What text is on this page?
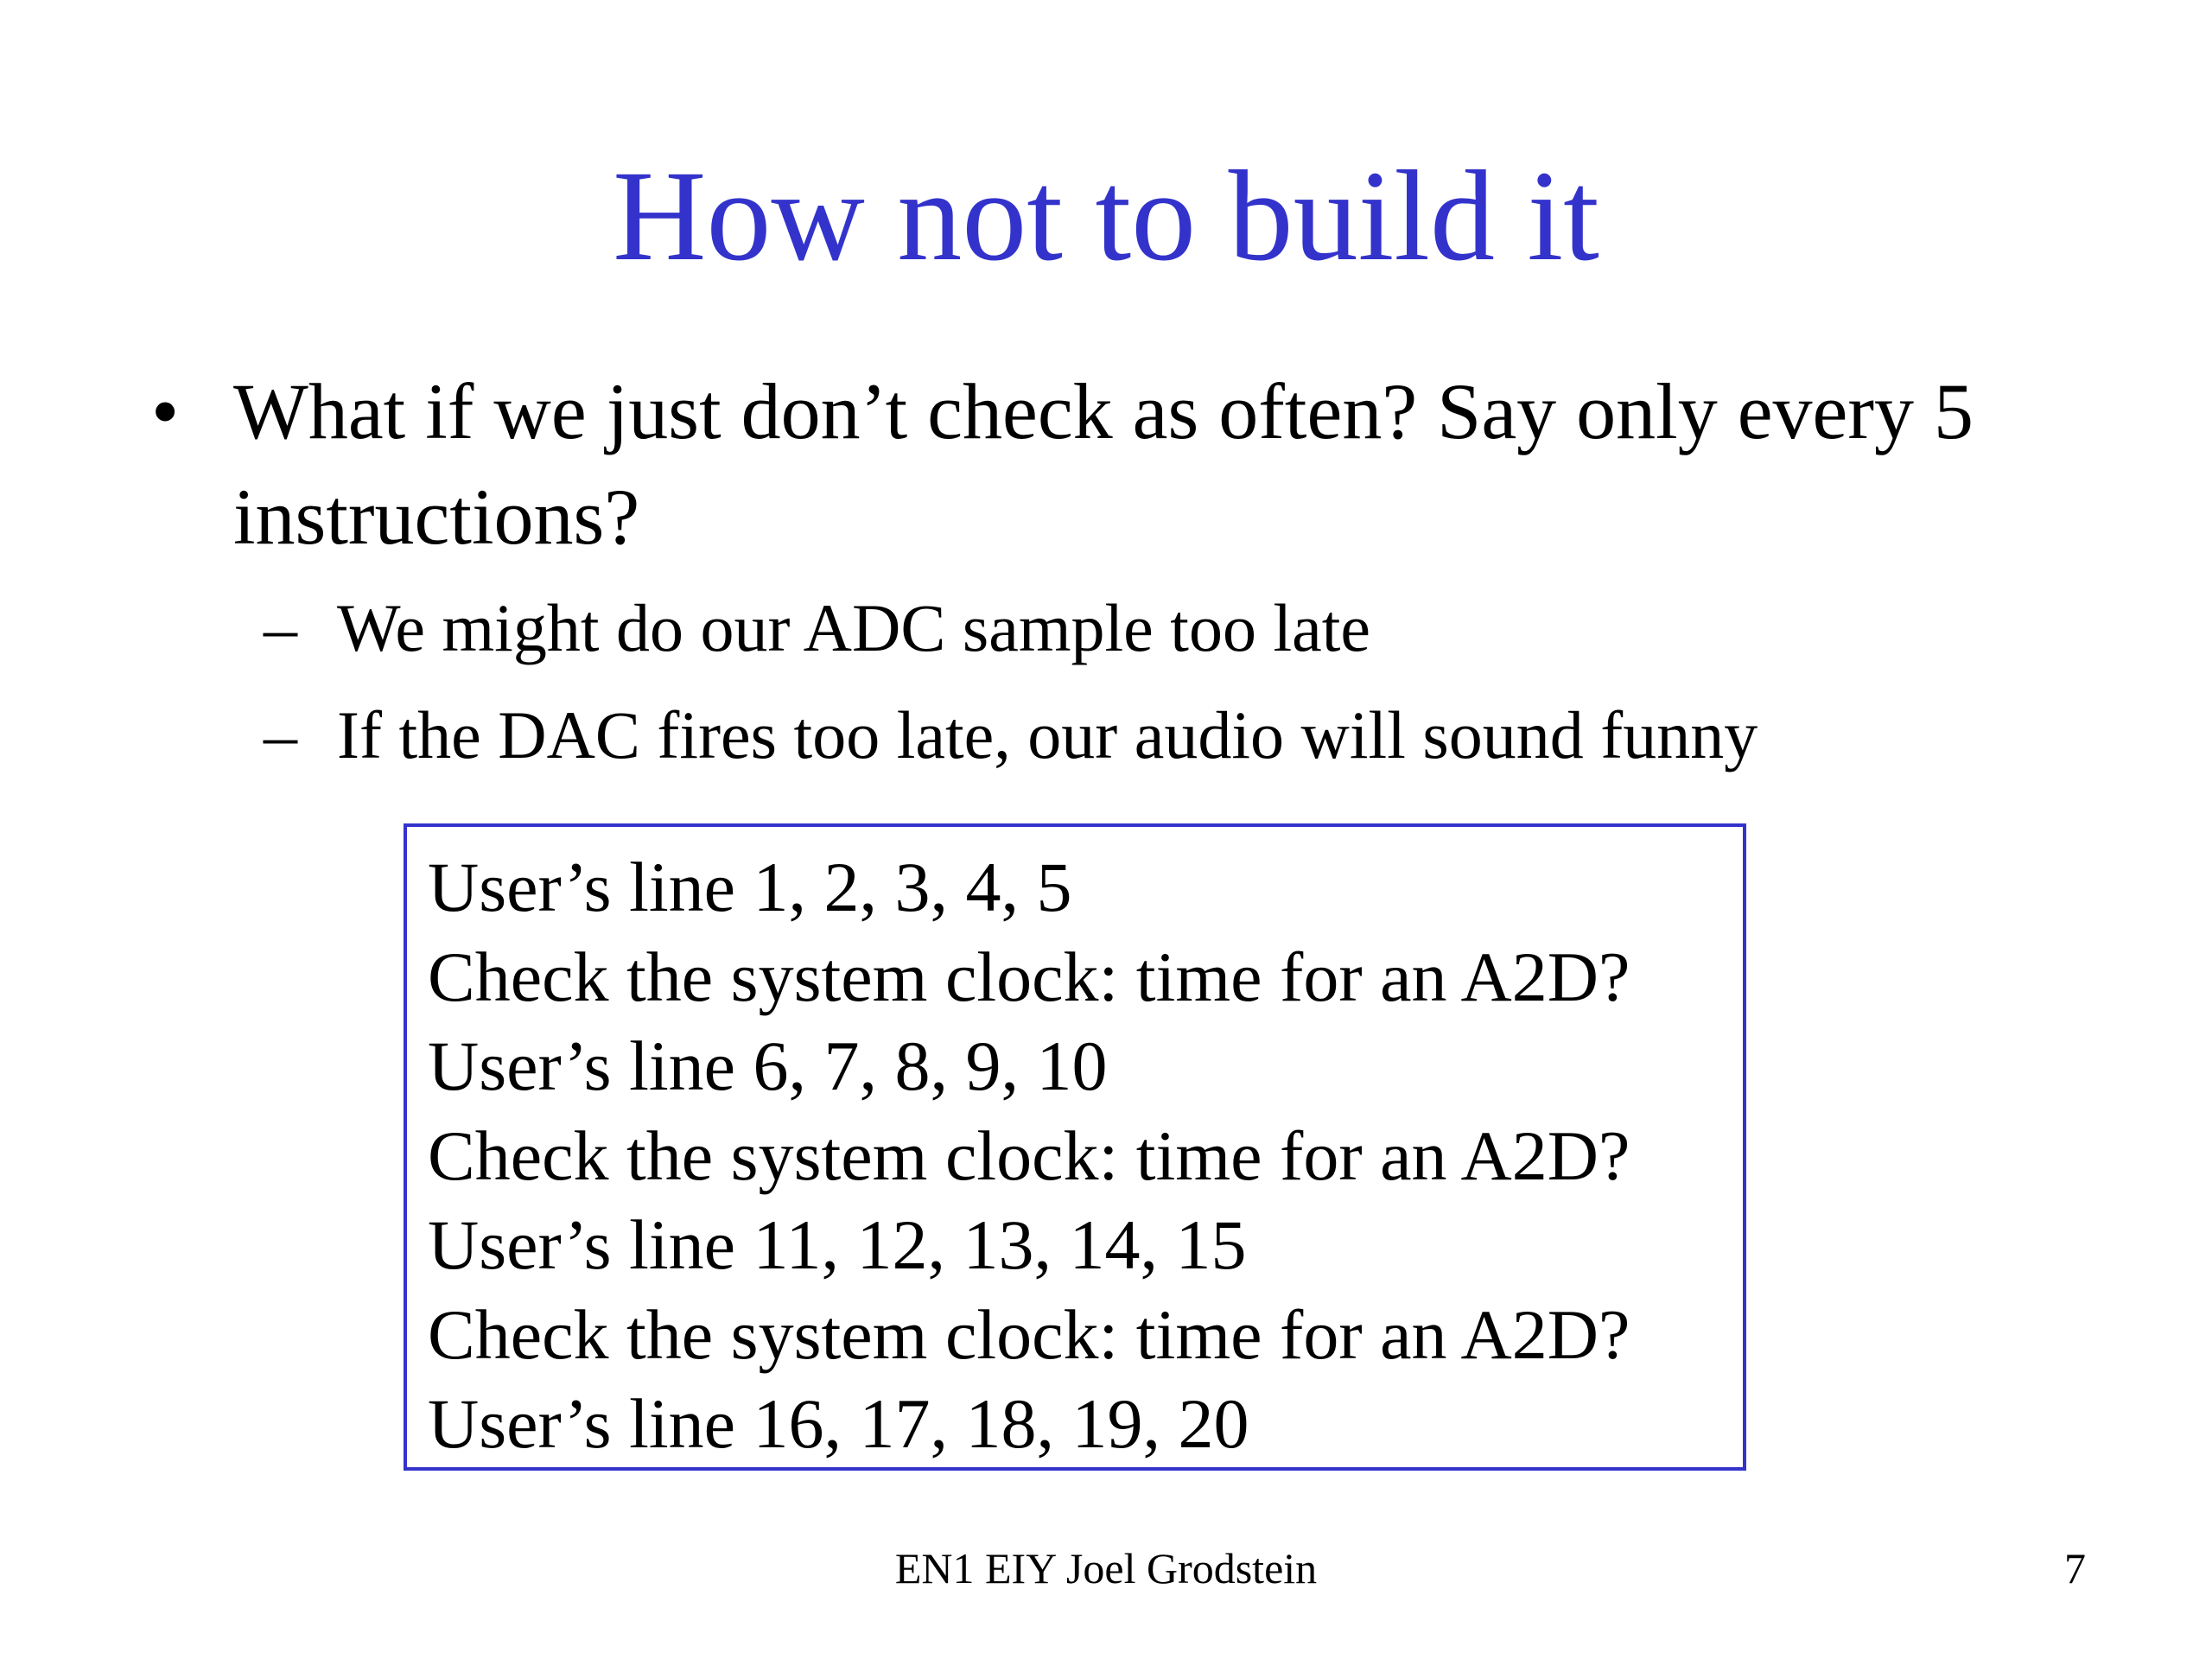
How not to build it
• What if we just don’t check as often? Say only every 5 instructions?
– We might do our ADC sample too late
– If the DAC fires too late, our audio will sound funny
User’s line 1, 2, 3, 4, 5
Check the system clock: time for an A2D?
User’s line 6, 7, 8, 9, 10
Check the system clock: time for an A2D?
User’s line 11, 12, 13, 14, 15
Check the system clock: time for an A2D?
User’s line 16, 17, 18, 19, 20
EN1 EIY Joel Grodstein	7
